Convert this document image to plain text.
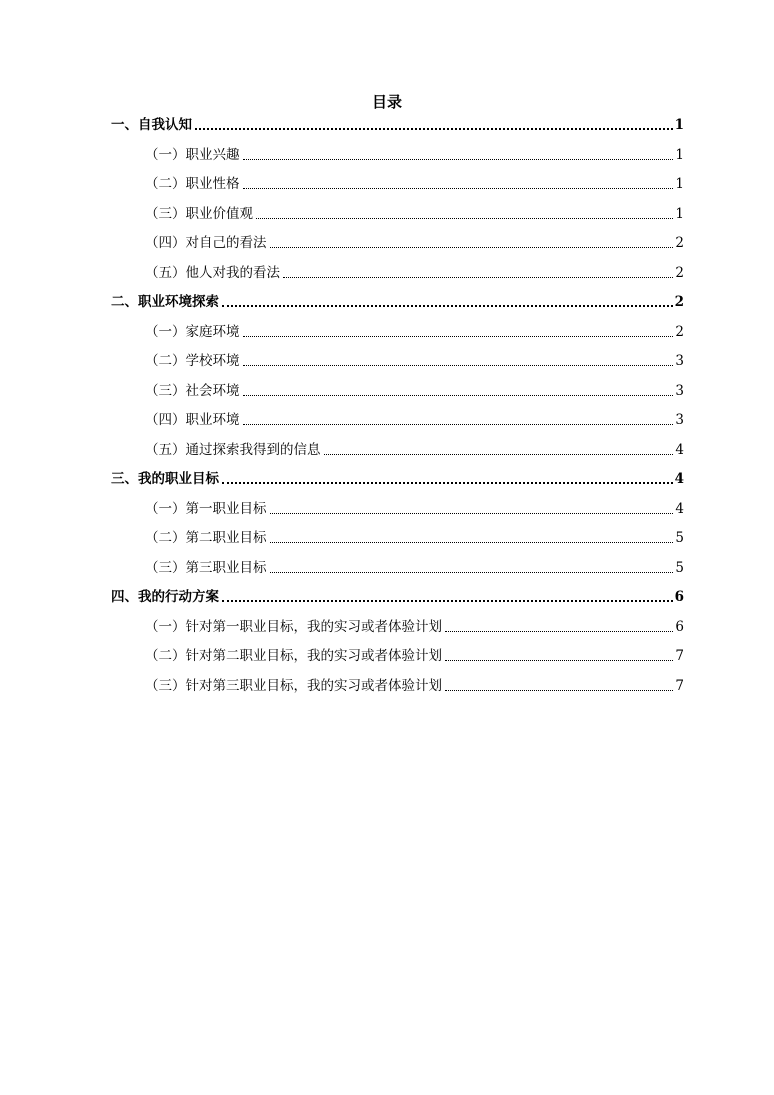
目录
一、自我认知	1
（一）职业兴趣	1
（二）职业性格	1
（三）职业价值观	1
（四）对自己的看法	2
（五）他人对我的看法	2
二、职业环境探索	2
（一）家庭环境	2
（二）学校环境	3
（三）社会环境	3
（四）职业环境	3
（五）通过探索我得到的信息	4
三、我的职业目标	4
（一）第一职业目标	4
（二）第二职业目标	5
（三）第三职业目标	5
四、我的行动方案	6
（一）针对第一职业目标，我的实习或者体验计划	6
（二）针对第二职业目标，我的实习或者体验计划	7
（三）针对第三职业目标，我的实习或者体验计划	7
